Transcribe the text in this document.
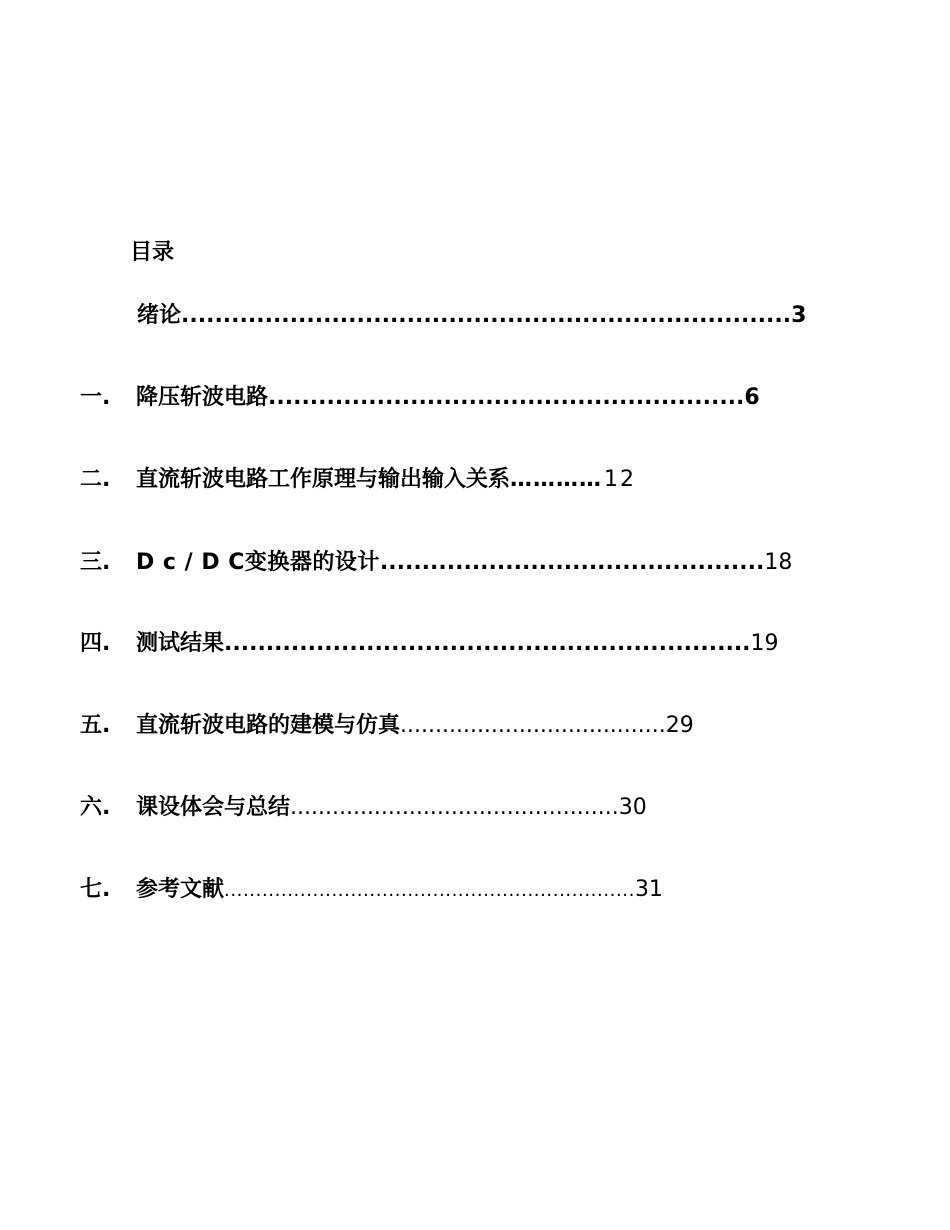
目录
绪论.........................................................................3
一. 降压斩波电路.........................................................6
二. 直流斩波电路工作原理与输出输入关系…………12
三. D c / D C变换器的设计..............................................18
四. 测试结果...............................................................19
五. 直流斩波电路的建模与仿真......................................29
六. 课设体会与总结...............................................30
七. 参考文献.................................................................31
